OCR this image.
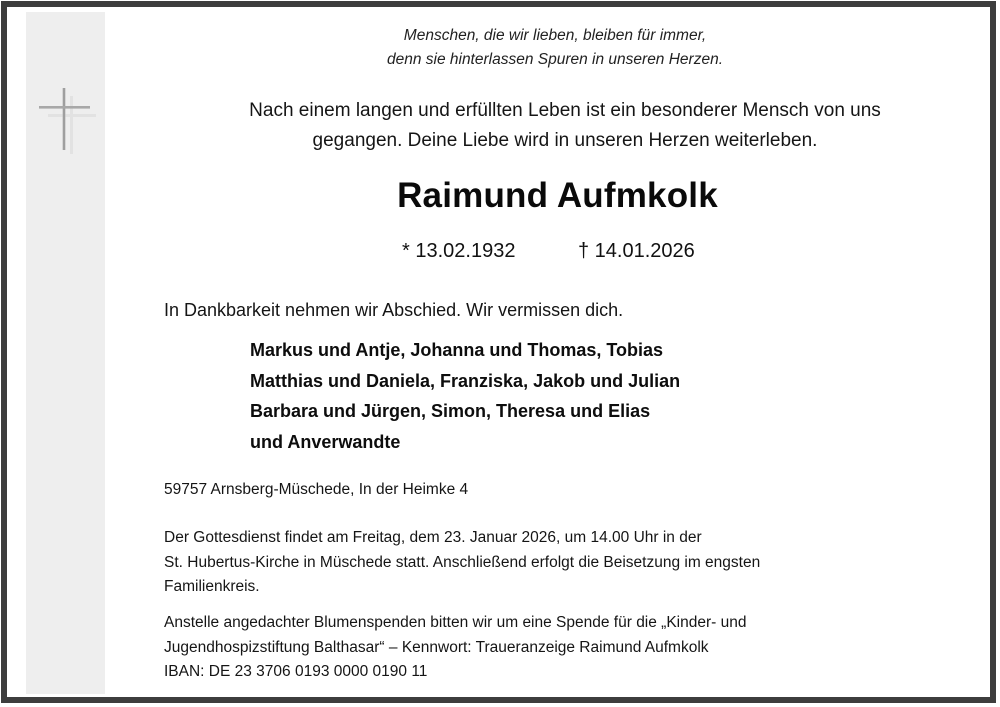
Menschen, die wir lieben, bleiben für immer,
denn sie hinterlassen Spuren in unseren Herzen.
Nach einem langen und erfüllten Leben ist ein besonderer Mensch von uns
gegangen. Deine Liebe wird in unseren Herzen weiterleben.
Raimund Aufmkolk
* 13.02.1932	† 14.01.2026
In Dankbarkeit nehmen wir Abschied. Wir vermissen dich.
Markus und Antje, Johanna und Thomas, Tobias
Matthias und Daniela, Franziska, Jakob und Julian
Barbara und Jürgen, Simon, Theresa und Elias
und Anverwandte
59757 Arnsberg-Müschede, In der Heimke 4
Der Gottesdienst findet am Freitag, dem 23. Januar 2026, um 14.00 Uhr in der
St. Hubertus-Kirche in Müschede statt. Anschließend erfolgt die Beisetzung im engsten
Familienkreis.
Anstelle angedachter Blumenspenden bitten wir um eine Spende für die „Kinder- und
Jugendhospizstiftung Balthasar“ – Kennwort: Traueranzeige Raimund Aufmkolk
IBAN: DE 23 3706 0193 0000 0190 11
